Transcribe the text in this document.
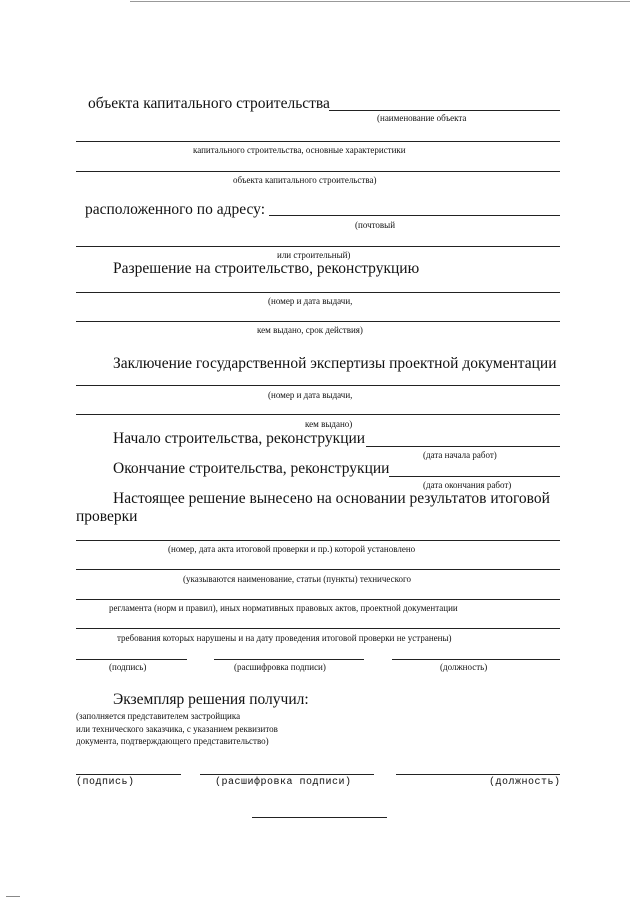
объекта капитального строительства
(наименование объекта
капитального строительства, основные характеристики
объекта капитального строительства)
расположенного по адресу:
(почтовый
или строительный)
Разрешение на строительство, реконструкцию
(номер и дата выдачи,
кем выдано, срок действия)
Заключение государственной экспертизы проектной документации
(номер и дата выдачи,
кем выдано)
Начало строительства, реконструкции
(дата начала работ)
Окончание строительства, реконструкции
(дата окончания работ)
Настоящее решение вынесено на основании результатов итоговой
проверки
(номер, дата акта итоговой проверки и пр.) которой установлено
(указываются наименование, статьи (пункты) технического
регламента (норм и правил), иных нормативных правовых актов, проектной документации
требования которых нарушены и на дату проведения итоговой проверки не устранены)
(подпись)	(расшифровка подписи)	(должность)
Экземпляр решения получил:
(заполняется представителем застройщика
или технического заказчика, с указанием реквизитов
документа, подтверждающего представительство)
(подпись)	(расшифровка подписи)	(должность)
